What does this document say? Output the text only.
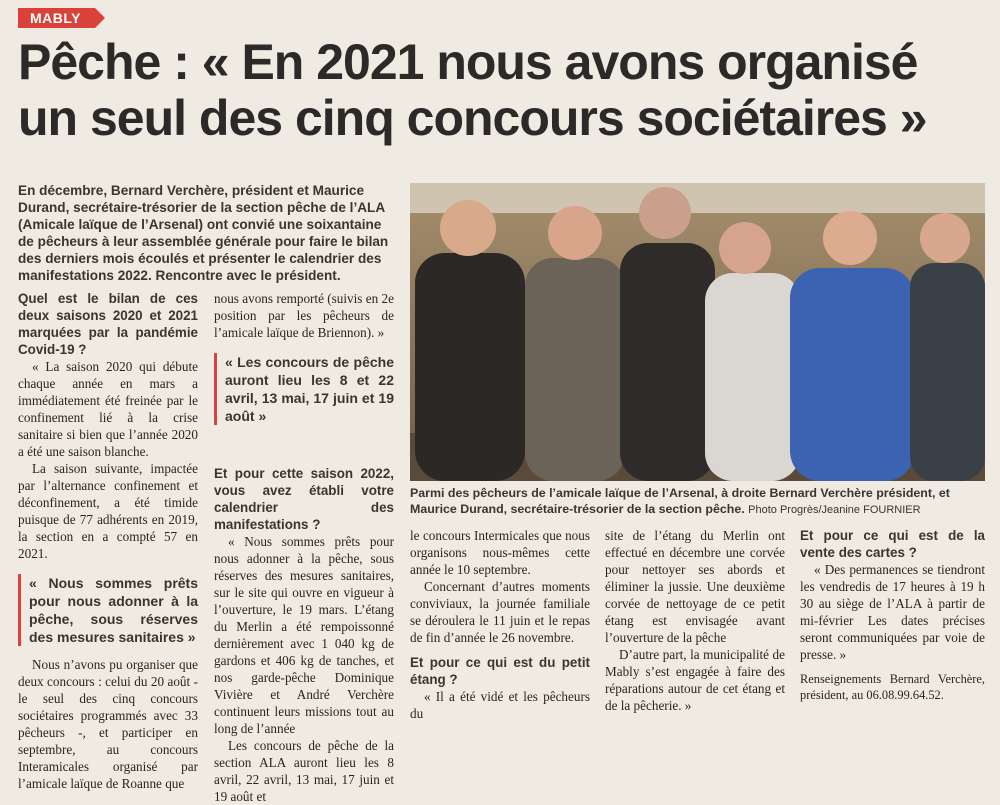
MABLY
Pêche : « En 2021 nous avons organisé un seul des cinq concours sociétaires »
En décembre, Bernard Verchère, président et Maurice Durand, secrétaire-trésorier de la section pêche de l’ALA (Amicale laïque de l’Arsenal) ont convié une soixantaine de pêcheurs à leur assemblée générale pour faire le bilan des derniers mois écoulés et présenter le calendrier des manifestations 2022. Rencontre avec le président.

Quel est le bilan de ces deux saisons 2020 et 2021 marquées par la pandémie Covid-19 ?

« La saison 2020 qui débute chaque année en mars a immédiatement été freinée par le confinement lié à la crise sanitaire si bien que l’année 2020 a été une saison blanche.

La saison suivante, impactée par l’alternance confinement et déconfinement, a été timide puisque de 77 adhérents en 2019, la section en a compté 57 en 2021.

« Nous sommes prêts pour nous adonner à la pêche, sous réserves des mesures sanitaires »

Nous n’avons pu organiser que deux concours : celui du 20 août - le seul des cinq concours sociétaires programmés avec 33 pêcheurs -, et participer en septembre, au concours Interamicales organisé par l’amicale laïque de Roanne que

nous avons remporté (suivis en 2e position par les pêcheurs de l’amicale laïque de Briennon). »

« Les concours de pêche auront lieu les 8 et 22 avril, 13 mai, 17 juin et 19 août »

Et pour cette saison 2022, vous avez établi votre calendrier des manifestations ?

« Nous sommes prêts pour nous adonner à la pêche, sous réserves des mesures sanitaires, sur le site qui ouvre en vigueur à l’ouverture, le 19 mars. L’étang du Merlin a été rempoissonné dernièrement avec 1 040 kg de gardons et 406 kg de tanches, et nos garde-pêche Dominique Vivière et André Verchère continuent leurs missions tout au long de l’année

Les concours de pêche de la section ALA auront lieu les 8 avril, 22 avril, 13 mai, 17 juin et 19 août et

Parmi des pêcheurs de l’amicale laïque de l’Arsenal, à droite Bernard Verchère président, et Maurice Durand, secrétaire-trésorier de la section pêche. Photo Progrès/Jeanine FOURNIER

le concours Intermicales que nous organisons nous-mêmes cette année le 10 septembre.

Concernant d’autres moments conviviaux, la journée familiale se déroulera le 11 juin et le repas de fin d’année le 26 novembre.

Et pour ce qui est du petit étang ?

« Il a été vidé et les pêcheurs du

site de l’étang du Merlin ont effectué en décembre une corvée pour nettoyer ses abords et éliminer la jussie. Une deuxième corvée de nettoyage de ce petit étang est envisagée avant l’ouverture de la pêche

D’autre part, la municipalité de Mably s’est engagée à faire des réparations autour de cet étang et de la pêcherie. »

Et pour ce qui est de la vente des cartes ?

« Des permanences se tiendront les vendredis de 17 heures à 19 h 30 au siège de l’ALA à partir de mi-février Les dates précises seront communiquées par voie de presse. »

Renseignements Bernard Verchère, président, au 06.08.99.64.52.
